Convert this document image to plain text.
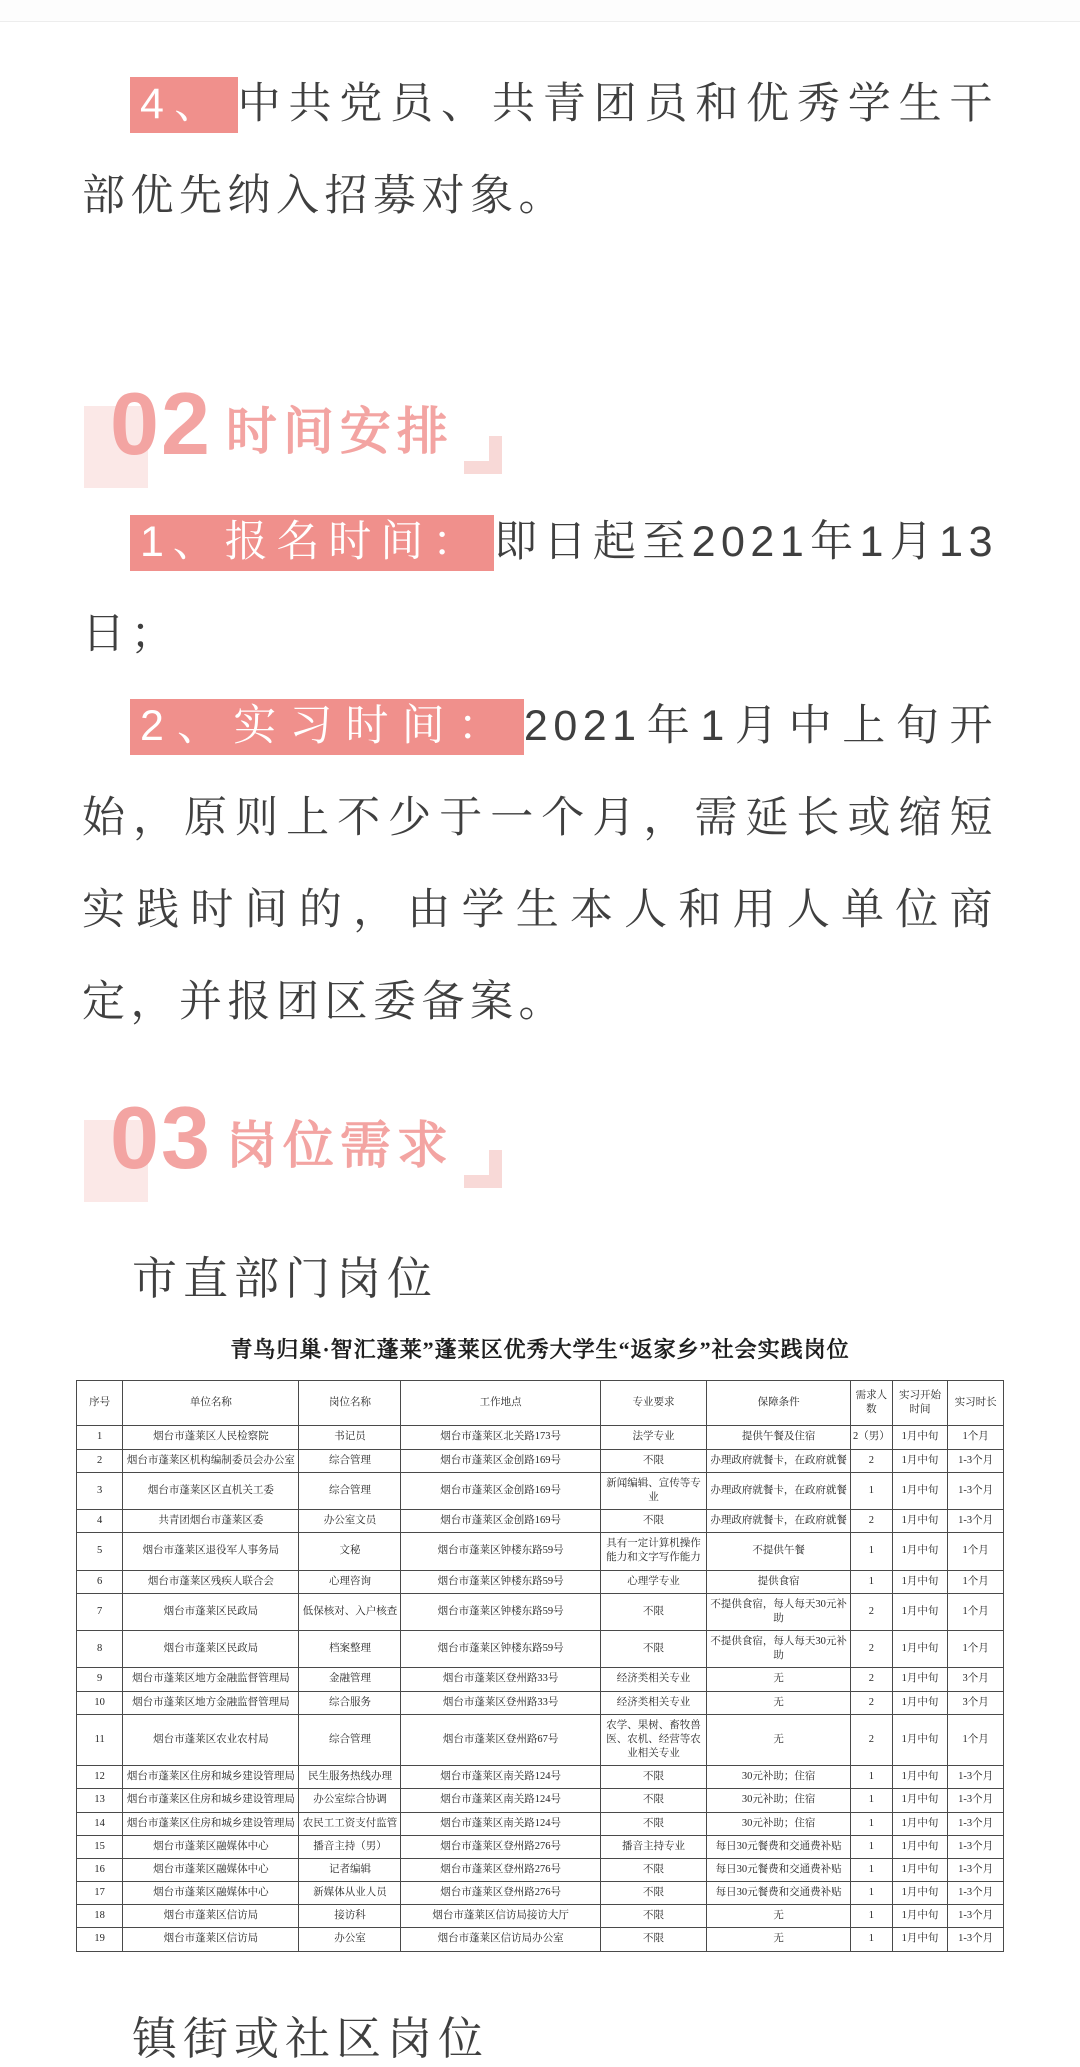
4、 中共党员、共青团员和优秀学生干部优先纳入招募对象。

02 时间安排

1、报名时间： 即日起至2021年1月13日；

2、实习时间： 2021年1月中上旬开始，原则上不少于一个月，需延长或缩短实践时间的，由学生本人和用人单位商定，并报团区委备案。

03 岗位需求
市直部门岗位
青鸟归巢·智汇蓬莱”蓬莱区优秀大学生“返家乡”社会实践岗位
序号	单位名称	岗位名称	工作地点	专业要求	保障条件	需求人数	实习开始时间	实习时长
1	烟台市蓬莱区人民检察院	书记员	烟台市蓬莱区北关路173号	法学专业	提供午餐及住宿	2（男）	1月中旬	1个月
2	烟台市蓬莱区机构编制委员会办公室	综合管理	烟台市蓬莱区金创路169号	不限	办理政府就餐卡，在政府就餐	2	1月中旬	1-3个月
3	烟台市蓬莱区区直机关工委	综合管理	烟台市蓬莱区金创路169号	新闻编辑、宣传等专业	办理政府就餐卡，在政府就餐	1	1月中旬	1-3个月
4	共青团烟台市蓬莱区委	办公室文员	烟台市蓬莱区金创路169号	不限	办理政府就餐卡，在政府就餐	2	1月中旬	1-3个月
5	烟台市蓬莱区退役军人事务局	文秘	烟台市蓬莱区钟楼东路59号	具有一定计算机操作能力和文字写作能力	不提供午餐	1	1月中旬	1个月
6	烟台市蓬莱区残疾人联合会	心理咨询	烟台市蓬莱区钟楼东路59号	心理学专业	提供食宿	1	1月中旬	1个月
7	烟台市蓬莱区民政局	低保核对、入户核查	烟台市蓬莱区钟楼东路59号	不限	不提供食宿，每人每天30元补助	2	1月中旬	1个月
8	烟台市蓬莱区民政局	档案整理	烟台市蓬莱区钟楼东路59号	不限	不提供食宿，每人每天30元补助	2	1月中旬	1个月
9	烟台市蓬莱区地方金融监督管理局	金融管理	烟台市蓬莱区登州路33号	经济类相关专业	无	2	1月中旬	3个月
10	烟台市蓬莱区地方金融监督管理局	综合服务	烟台市蓬莱区登州路33号	经济类相关专业	无	2	1月中旬	3个月
11	烟台市蓬莱区农业农村局	综合管理	烟台市蓬莱区登州路67号	农学、果树、畜牧兽医、农机、经营等农业相关专业	无	2	1月中旬	1个月
12	烟台市蓬莱区住房和城乡建设管理局	民生服务热线办理	烟台市蓬莱区南关路124号	不限	30元补助；住宿	1	1月中旬	1-3个月
13	烟台市蓬莱区住房和城乡建设管理局	办公室综合协调	烟台市蓬莱区南关路124号	不限	30元补助；住宿	1	1月中旬	1-3个月
14	烟台市蓬莱区住房和城乡建设管理局	农民工工资支付监管	烟台市蓬莱区南关路124号	不限	30元补助；住宿	1	1月中旬	1-3个月
15	烟台市蓬莱区融媒体中心	播音主持（男）	烟台市蓬莱区登州路276号	播音主持专业	每日30元餐费和交通费补贴	1	1月中旬	1-3个月
16	烟台市蓬莱区融媒体中心	记者编辑	烟台市蓬莱区登州路276号	不限	每日30元餐费和交通费补贴	1	1月中旬	1-3个月
17	烟台市蓬莱区融媒体中心	新媒体从业人员	烟台市蓬莱区登州路276号	不限	每日30元餐费和交通费补贴	1	1月中旬	1-3个月
18	烟台市蓬莱区信访局	接访科	烟台市蓬莱区信访局接访大厅	不限	无	1	1月中旬	1-3个月
19	烟台市蓬莱区信访局	办公室	烟台市蓬莱区信访局办公室	不限	无	1	1月中旬	1-3个月
镇街或社区岗位
